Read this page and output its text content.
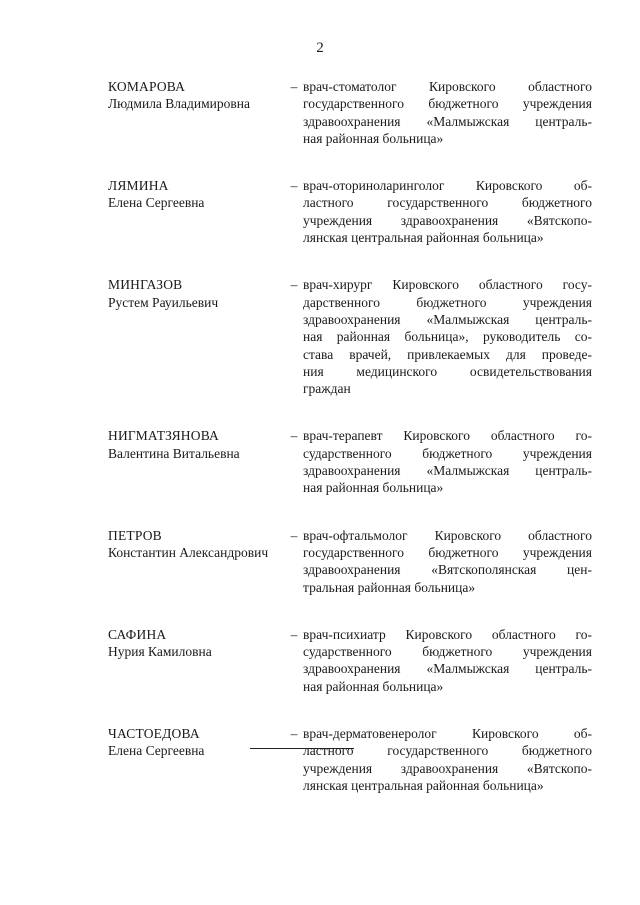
2
КОМАРОВА
Людмила Владимировна
– врач-стоматолог Кировского областного
государственного бюджетного учреждения
здравоохранения «Малмыжская централь-
ная районная больница»
ЛЯМИНА
Елена Сергеевна
– врач-оториноларинголог Кировского об-
ластного государственного бюджетного
учреждения здравоохранения «Вятскопо-
лянская центральная районная больница»
МИНГАЗОВ
Рустем Рауильевич
– врач-хирург Кировского областного госу-
дарственного бюджетного учреждения
здравоохранения «Малмыжская централь-
ная районная больница», руководитель со-
става врачей, привлекаемых для проведе-
ния медицинского освидетельствования
граждан
НИГМАТЗЯНОВА
Валентина Витальевна
– врач-терапевт Кировского областного го-
сударственного бюджетного учреждения
здравоохранения «Малмыжская централь-
ная районная больница»
ПЕТРОВ
Константин Александрович
– врач-офтальмолог Кировского областного
государственного бюджетного учреждения
здравоохранения «Вятскополянская цен-
тральная районная больница»
САФИНА
Нурия Камиловна
– врач-психиатр Кировского областного го-
сударственного бюджетного учреждения
здравоохранения «Малмыжская централь-
ная районная больница»
ЧАСТОЕДОВА
Елена Сергеевна
– врач-дерматовенеролог Кировского об-
ластного государственного бюджетного
учреждения здравоохранения «Вятскопо-
лянская центральная районная больница»
